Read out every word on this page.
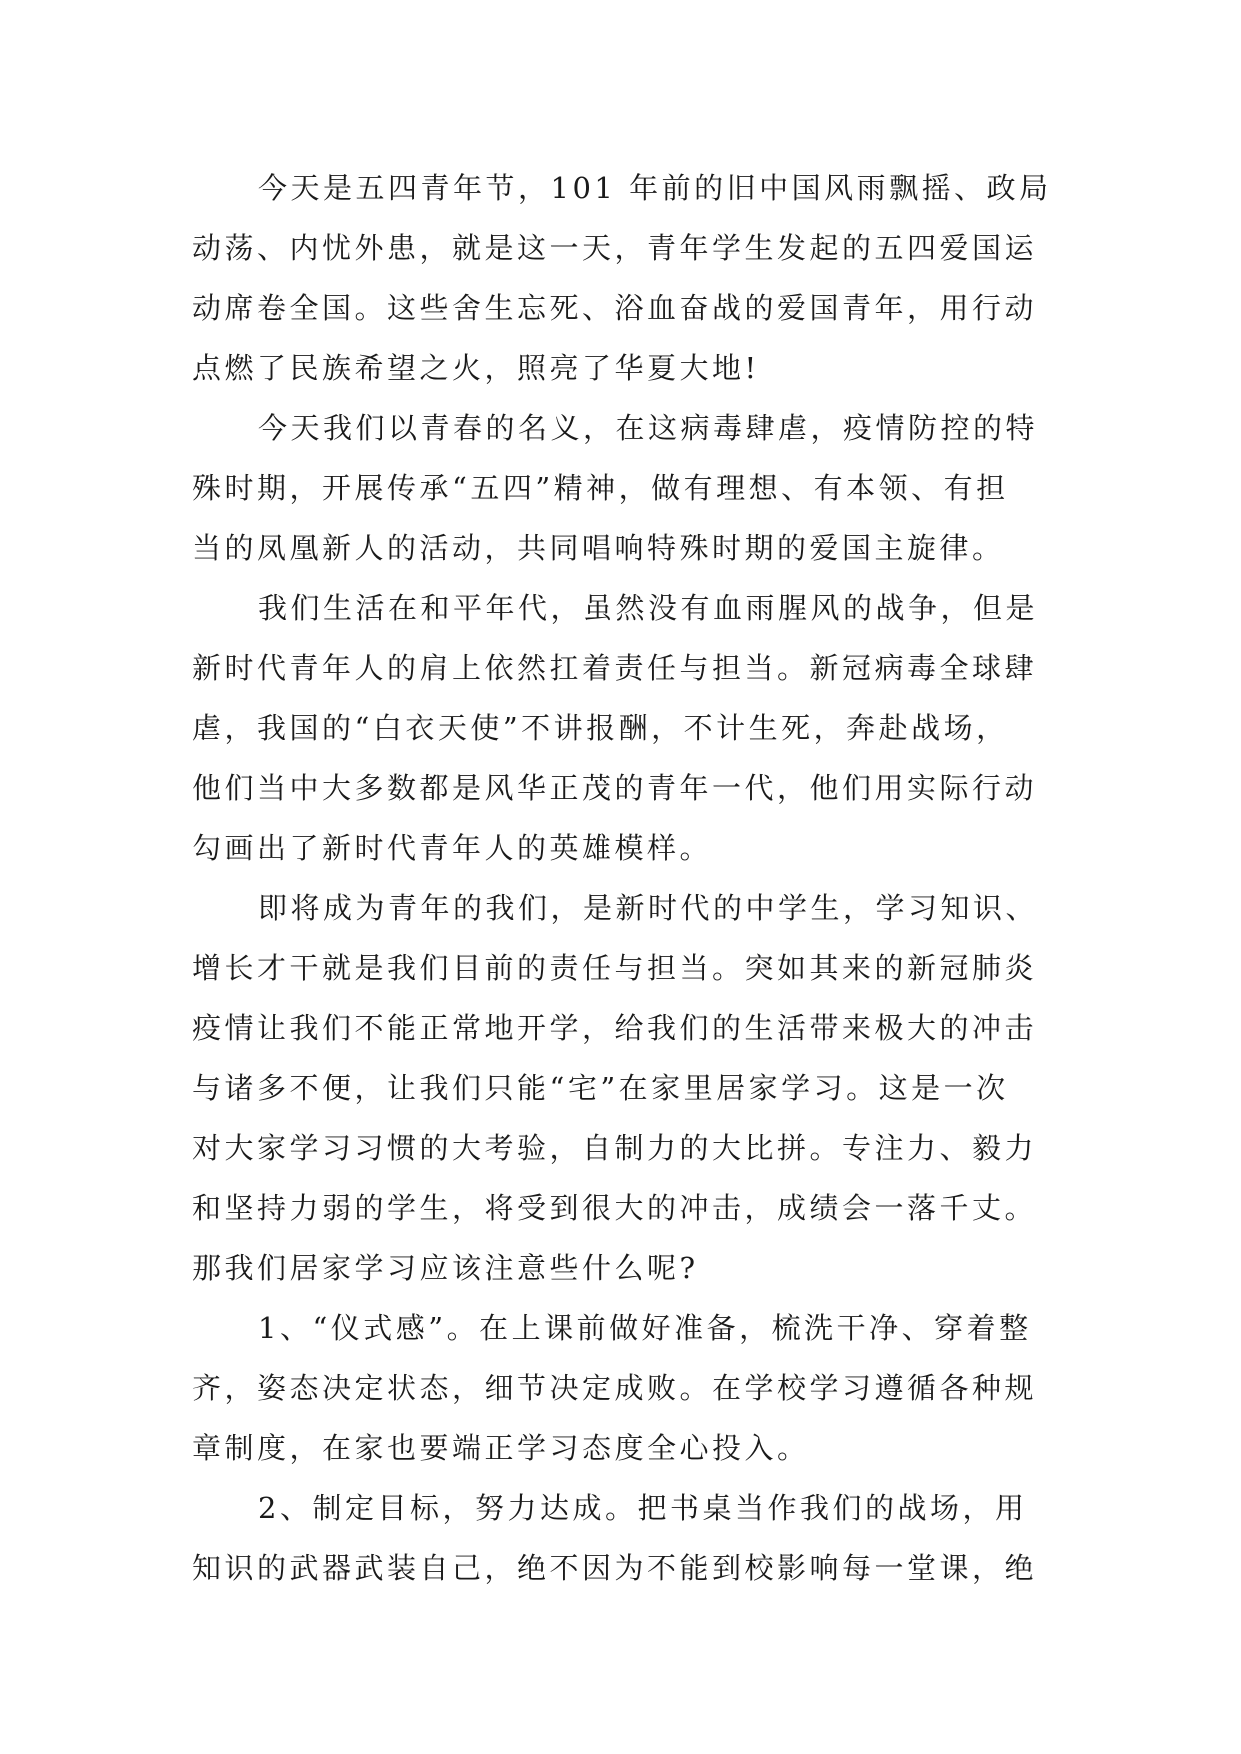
今天是五四青年节，101 年前的旧中国风雨飘摇、政局
动荡、内忧外患，就是这一天，青年学生发起的五四爱国运
动席卷全国。这些舍生忘死、浴血奋战的爱国青年，用行动
点燃了民族希望之火，照亮了华夏大地!
今天我们以青春的名义，在这病毒肆虐，疫情防控的特
殊时期，开展传承“五四”精神，做有理想、有本领、有担
当的凤凰新人的活动，共同唱响特殊时期的爱国主旋律。
我们生活在和平年代，虽然没有血雨腥风的战争，但是
新时代青年人的肩上依然扛着责任与担当。新冠病毒全球肆
虐，我国的“白衣天使”不讲报酬，不计生死，奔赴战场，
他们当中大多数都是风华正茂的青年一代，他们用实际行动
勾画出了新时代青年人的英雄模样。
即将成为青年的我们，是新时代的中学生，学习知识、
增长才干就是我们目前的责任与担当。突如其来的新冠肺炎
疫情让我们不能正常地开学，给我们的生活带来极大的冲击
与诸多不便，让我们只能“宅”在家里居家学习。这是一次
对大家学习习惯的大考验，自制力的大比拼。专注力、毅力
和坚持力弱的学生，将受到很大的冲击，成绩会一落千丈。
那我们居家学习应该注意些什么呢?
1、“仪式感”。在上课前做好准备，梳洗干净、穿着整
齐，姿态决定状态，细节决定成败。在学校学习遵循各种规
章制度，在家也要端正学习态度全心投入。
2、制定目标，努力达成。把书桌当作我们的战场，用
知识的武器武装自己，绝不因为不能到校影响每一堂课，绝
